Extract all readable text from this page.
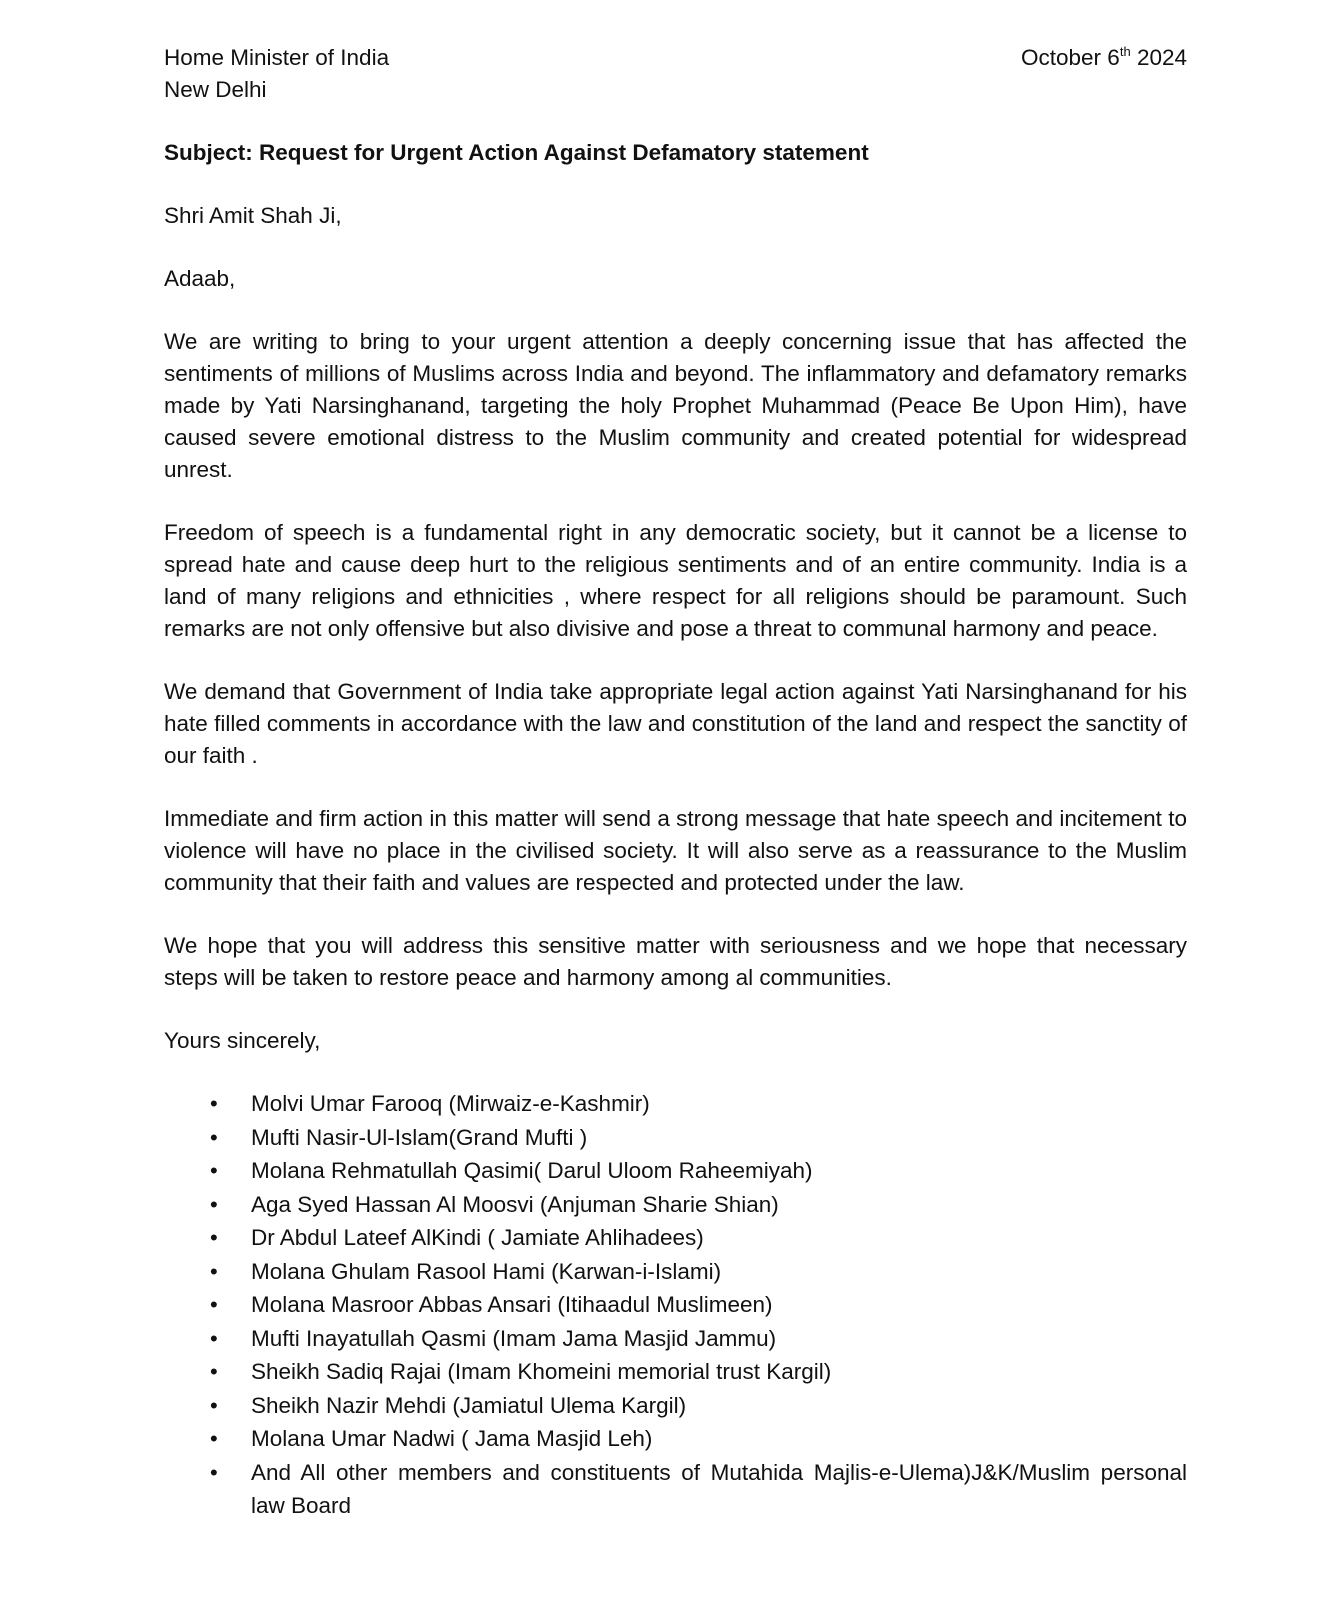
Home Minister of India
New Delhi
October 6th 2024
Subject: Request for Urgent Action Against Defamatory statement
Shri Amit Shah Ji,
Adaab,
We are writing to bring to your urgent attention a deeply concerning issue that has affected the sentiments of millions of Muslims across India and beyond. The inflammatory and defamatory remarks made by Yati Narsinghanand, targeting the holy Prophet Muhammad (Peace Be Upon Him), have caused severe emotional distress to the Muslim community and created potential for widespread unrest.
Freedom of speech is a fundamental right in any democratic society, but it cannot be a license to spread hate and cause deep hurt to the religious sentiments and of an entire community. India is a land of many religions and ethnicities , where respect for all religions should be paramount. Such remarks are not only offensive but also divisive and pose a threat to communal harmony and peace.
We demand that Government of India take appropriate legal action against Yati Narsinghanand for his hate filled comments in accordance with the law and constitution of the land and respect the sanctity of our faith .
Immediate and firm action in this matter will send a strong message that hate speech and incitement to violence will have no place in the civilised society. It will also serve as a reassurance to the Muslim community that their faith and values are respected and protected under the law.
We hope that you will address this sensitive matter with seriousness and we hope that necessary steps will be taken to restore peace and harmony among al communities.
Yours sincerely,
• Molvi Umar Farooq (Mirwaiz-e-Kashmir)
• Mufti Nasir-Ul-Islam(Grand Mufti )
• Molana Rehmatullah Qasimi( Darul Uloom Raheemiyah)
• Aga Syed Hassan Al Moosvi (Anjuman Sharie Shian)
• Dr Abdul Lateef AlKindi ( Jamiate Ahlihadees)
• Molana Ghulam Rasool Hami (Karwan-i-Islami)
• Molana Masroor Abbas Ansari (Itihaadul Muslimeen)
• Mufti Inayatullah Qasmi (Imam Jama Masjid Jammu)
• Sheikh Sadiq Rajai (Imam Khomeini memorial trust Kargil)
• Sheikh Nazir Mehdi (Jamiatul Ulema Kargil)
• Molana Umar Nadwi ( Jama Masjid Leh)
• And All other members and constituents of Mutahida Majlis-e-Ulema)J&K/Muslim personal law Board
